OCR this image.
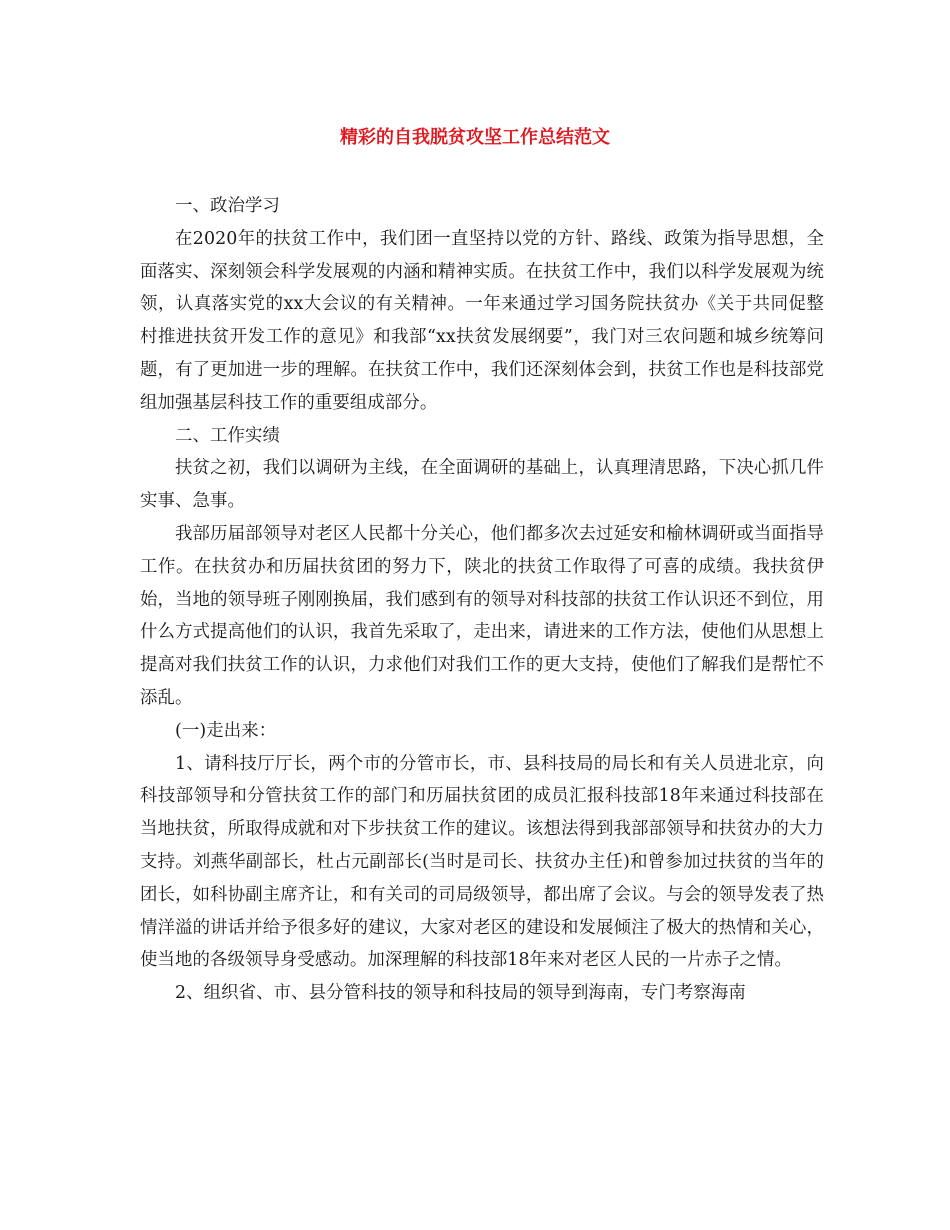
精彩的自我脱贫攻坚工作总结范文

一、政治学习

在2020年的扶贫工作中，我们团一直坚持以党的方针、路线、政策为指导思想，全面落实、深刻领会科学发展观的内涵和精神实质。在扶贫工作中，我们以科学发展观为统领，认真落实党的xx大会议的有关精神。一年来通过学习国务院扶贫办《关于共同促整村推进扶贫开发工作的意见》和我部“xx扶贫发展纲要”，我门对三农问题和城乡统筹问题，有了更加进一步的理解。在扶贫工作中，我们还深刻体会到，扶贫工作也是科技部党组加强基层科技工作的重要组成部分。

二、工作实绩

扶贫之初，我们以调研为主线，在全面调研的基础上，认真理清思路，下决心抓几件实事、急事。

我部历届部领导对老区人民都十分关心，他们都多次去过延安和榆林调研或当面指导工作。在扶贫办和历届扶贫团的努力下，陕北的扶贫工作取得了可喜的成绩。我扶贫伊始，当地的领导班子刚刚换届，我们感到有的领导对科技部的扶贫工作认识还不到位，用什么方式提高他们的认识，我首先采取了，走出来，请进来的工作方法，使他们从思想上提高对我们扶贫工作的认识，力求他们对我们工作的更大支持，使他们了解我们是帮忙不添乱。

(一)走出来：

1、请科技厅厅长，两个市的分管市长，市、县科技局的局长和有关人员进北京，向科技部领导和分管扶贫工作的部门和历届扶贫团的成员汇报科技部18年来通过科技部在当地扶贫，所取得成就和对下步扶贫工作的建议。该想法得到我部部领导和扶贫办的大力支持。刘燕华副部长，杜占元副部长(当时是司长、扶贫办主任)和曾参加过扶贫的当年的团长，如科协副主席齐让，和有关司的司局级领导，都出席了会议。与会的领导发表了热情洋溢的讲话并给予很多好的建议，大家对老区的建设和发展倾注了极大的热情和关心，使当地的各级领导身受感动。加深理解的科技部18年来对老区人民的一片赤子之情。

2、组织省、市、县分管科技的领导和科技局的领导到海南，专门考察海南
